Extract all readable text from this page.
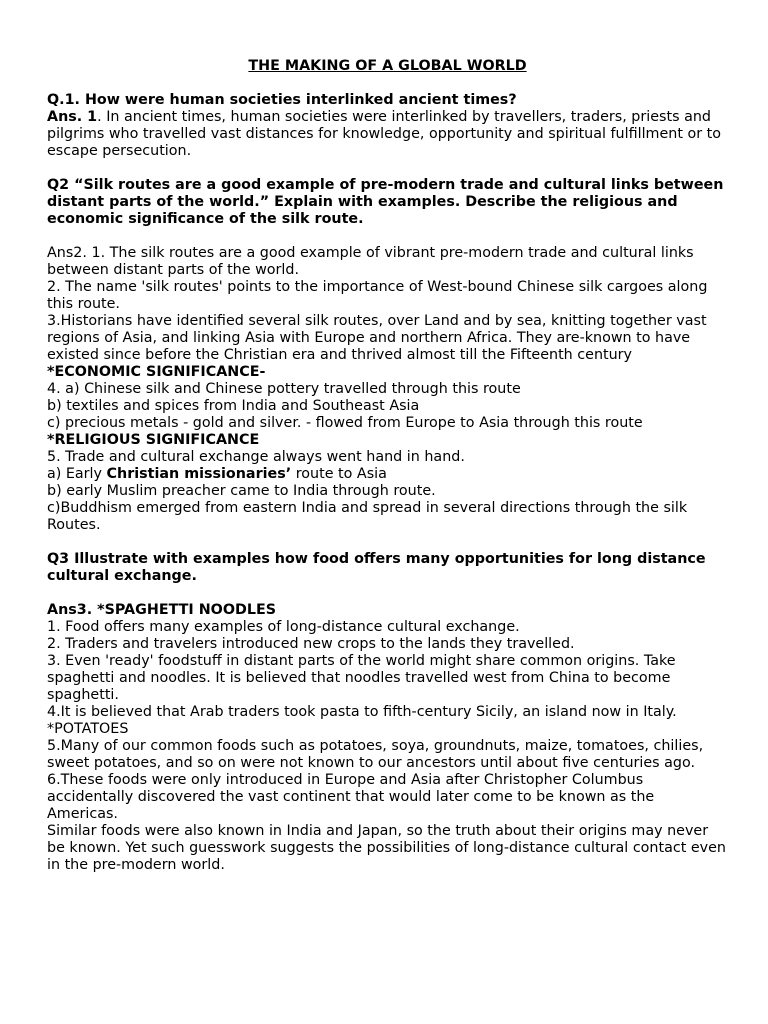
THE MAKING OF A GLOBAL WORLD

Q.1. How were human societies interlinked ancient times?

Ans. 1. In ancient times, human societies were interlinked by travellers, traders, priests and pilgrims who travelled vast distances for knowledge, opportunity and spiritual fulfillment or to escape persecution.

Q2 “Silk routes are a good example of pre-modern trade and cultural links between distant parts of the world.” Explain with examples. Describe the religious and economic significance of the silk route.

Ans2. 1. The silk routes are a good example of vibrant pre-modern trade and cultural links between distant parts of the world.

2. The name 'silk routes' points to the importance of West-bound Chinese silk cargoes along this route.

3.Historians have identified several silk routes, over Land and by sea, knitting together vast regions of Asia, and linking Asia with Europe and northern Africa. They are-known to have existed since before the Christian era and thrived almost till the Fifteenth century

*ECONOMIC SIGNIFICANCE-

4. a) Chinese silk and Chinese pottery travelled through this route

b) textiles and spices from India and Southeast Asia

c) precious metals - gold and silver. - flowed from Europe to Asia through this route

*RELIGIOUS SIGNIFICANCE

5. Trade and cultural exchange always went hand in hand.

a) Early Christian missionaries’ route to Asia

b) early Muslim preacher came to India through route.

c)Buddhism emerged from eastern India and spread in several directions through the silk

Routes.

Q3 Illustrate with examples how food offers many opportunities for long distance cultural exchange.

Ans3. *SPAGHETTI NOODLES

1. Food offers many examples of long-distance cultural exchange.

2. Traders and travelers introduced new crops to the lands they travelled.

3. Even 'ready' foodstuff in distant parts of the world might share common origins. Take spaghetti and noodles. It is believed that noodles travelled west from China to become spaghetti.

4.It is believed that Arab traders took pasta to fifth-century Sicily, an island now in Italy.

*POTATOES

5.Many of our common foods such as potatoes, soya, groundnuts, maize, tomatoes, chilies, sweet potatoes, and so on were not known to our ancestors until about five centuries ago.

6.These foods were only introduced in Europe and Asia after Christopher Columbus accidentally discovered the vast continent that would later come to be known as the Americas.

Similar foods were also known in India and Japan, so the truth about their origins may never be known. Yet such guesswork suggests the possibilities of long-distance cultural contact even in the pre-modern world.
